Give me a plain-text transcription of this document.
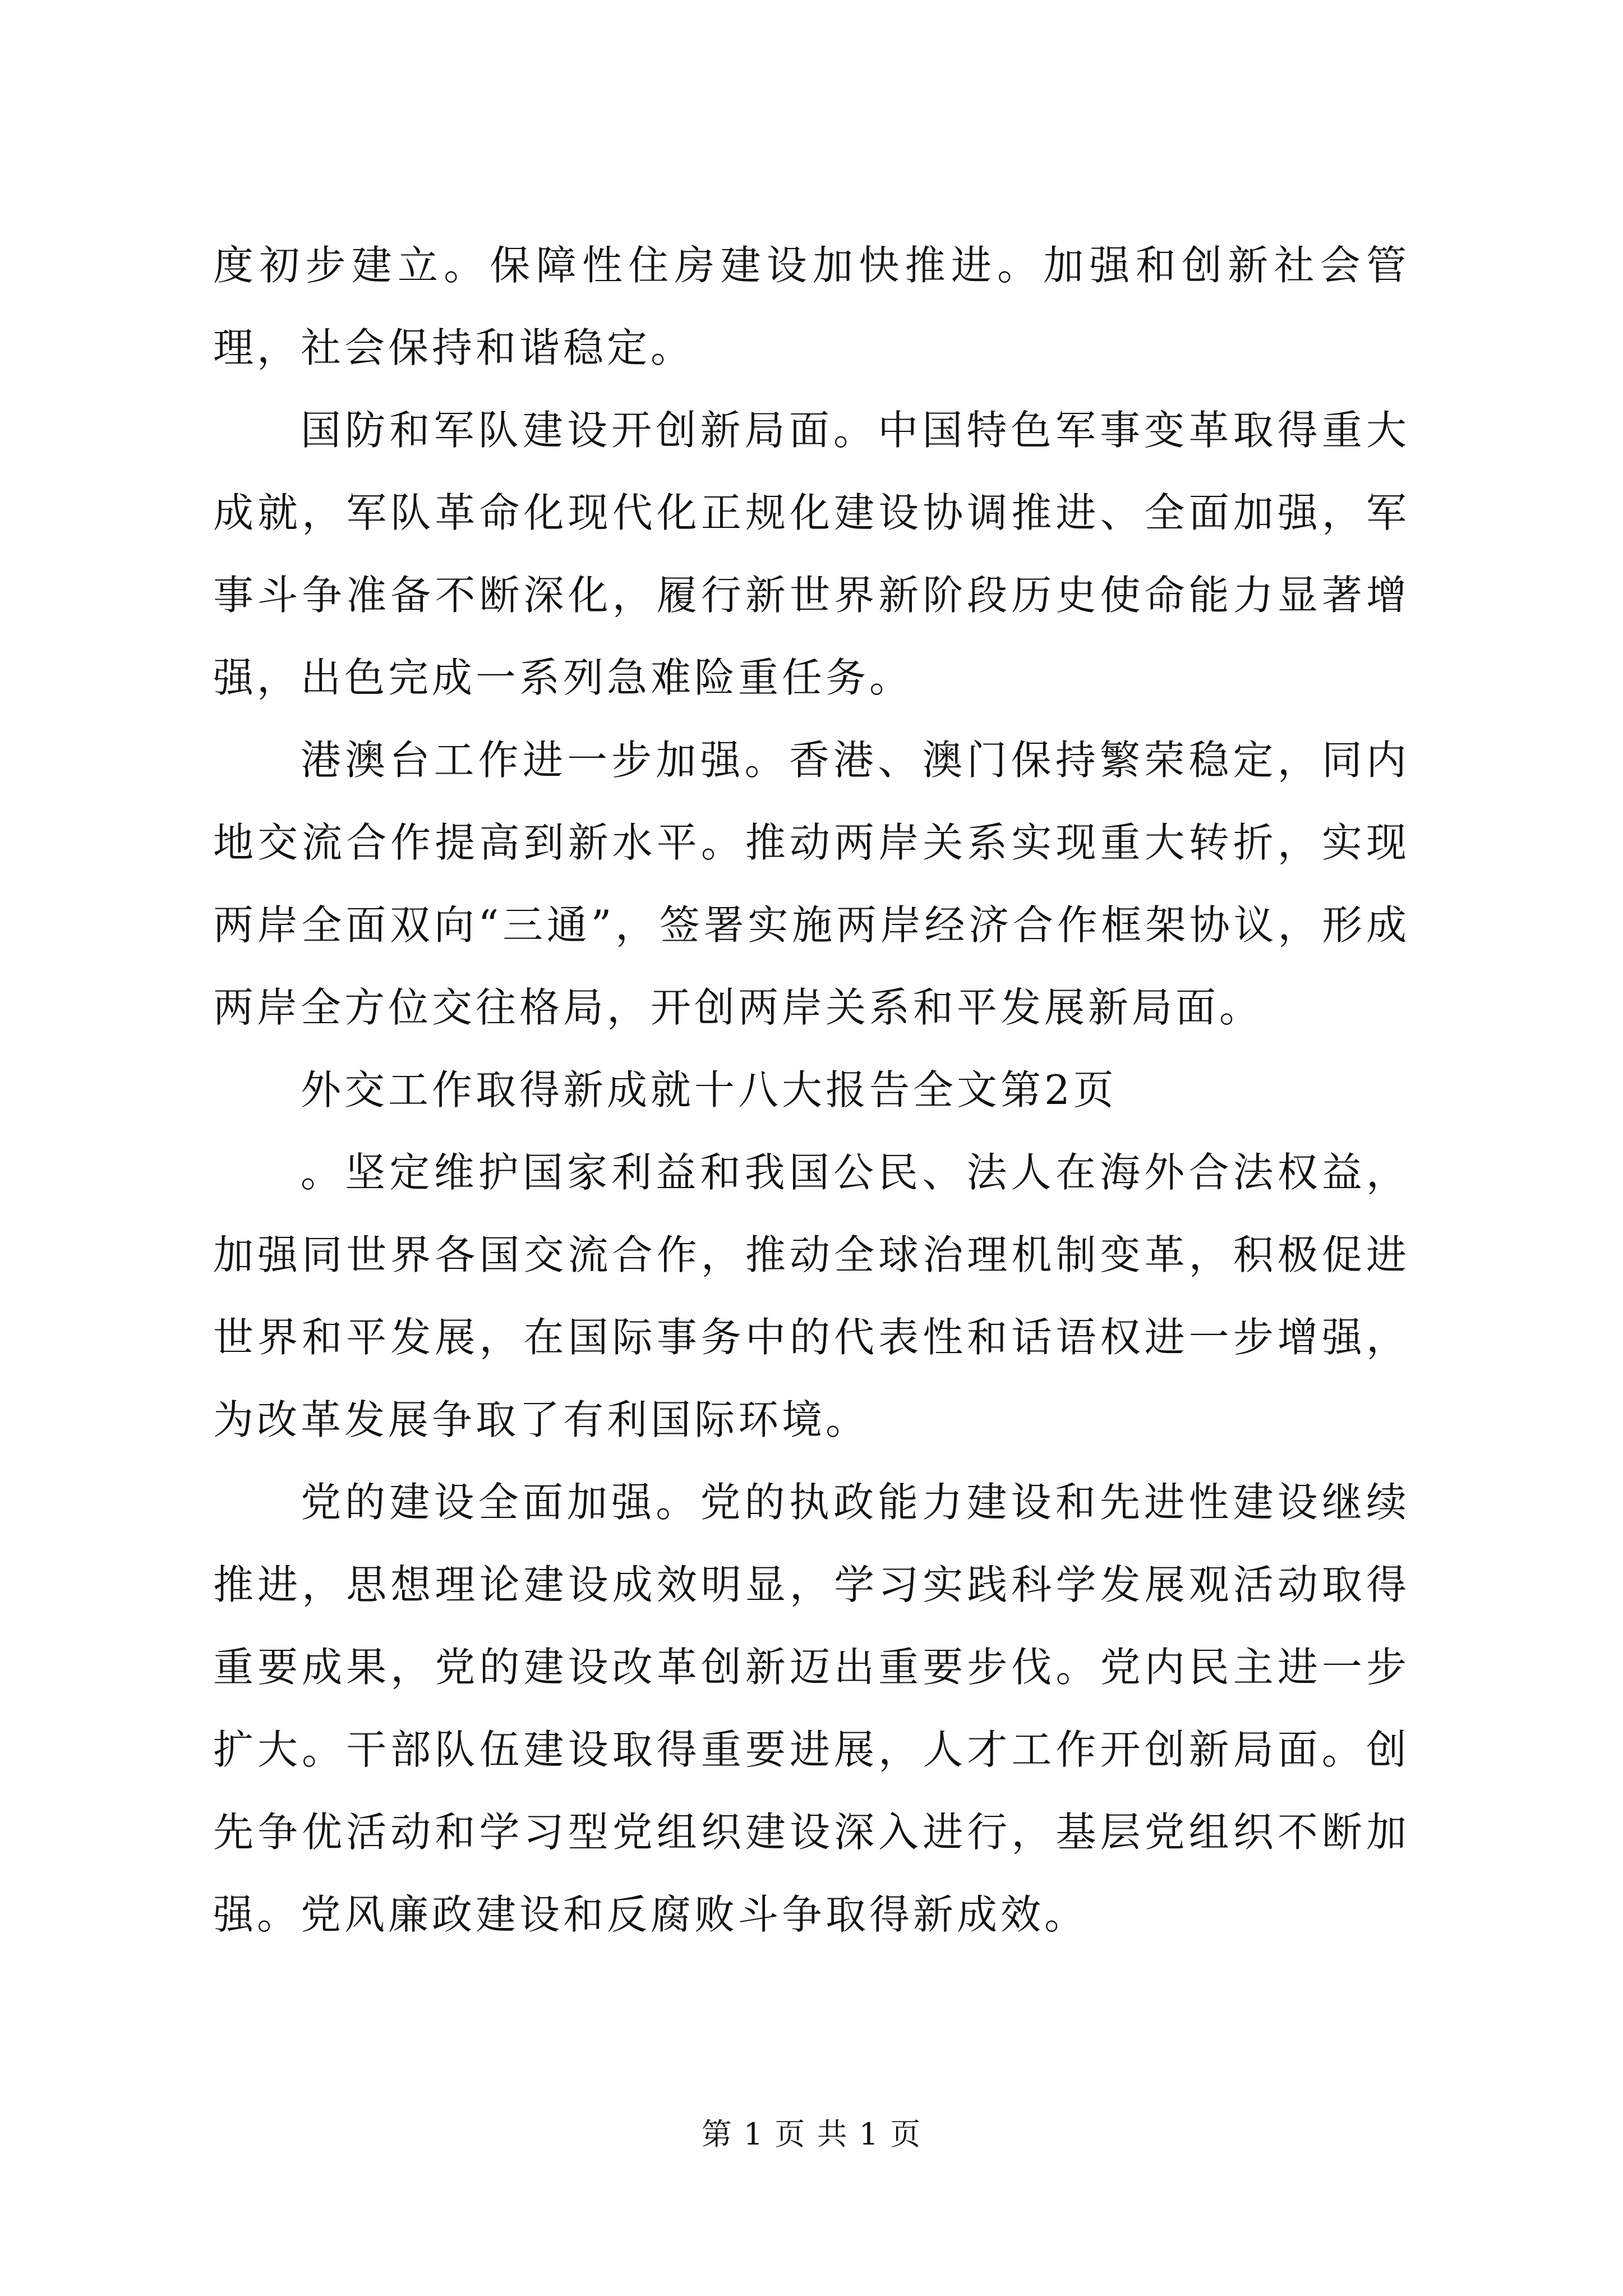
度初步建立。保障性住房建设加快推进。加强和创新社会管理，社会保持和谐稳定。

国防和军队建设开创新局面。中国特色军事变革取得重大成就，军队革命化现代化正规化建设协调推进、全面加强，军事斗争准备不断深化，履行新世界新阶段历史使命能力显著增强，出色完成一系列急难险重任务。

港澳台工作进一步加强。香港、澳门保持繁荣稳定，同内地交流合作提高到新水平。推动两岸关系实现重大转折，实现两岸全面双向“三通”，签署实施两岸经济合作框架协议，形成两岸全方位交往格局，开创两岸关系和平发展新局面。

外交工作取得新成就十八大报告全文第2页

。坚定维护国家利益和我国公民、法人在海外合法权益，加强同世界各国交流合作，推动全球治理机制变革，积极促进世界和平发展，在国际事务中的代表性和话语权进一步增强，为改革发展争取了有利国际环境。

党的建设全面加强。党的执政能力建设和先进性建设继续推进，思想理论建设成效明显，学习实践科学发展观活动取得重要成果，党的建设改革创新迈出重要步伐。党内民主进一步扩大。干部队伍建设取得重要进展，人才工作开创新局面。创先争优活动和学习型党组织建设深入进行，基层党组织不断加强。党风廉政建设和反腐败斗争取得新成效。

第 1 页 共 1 页
